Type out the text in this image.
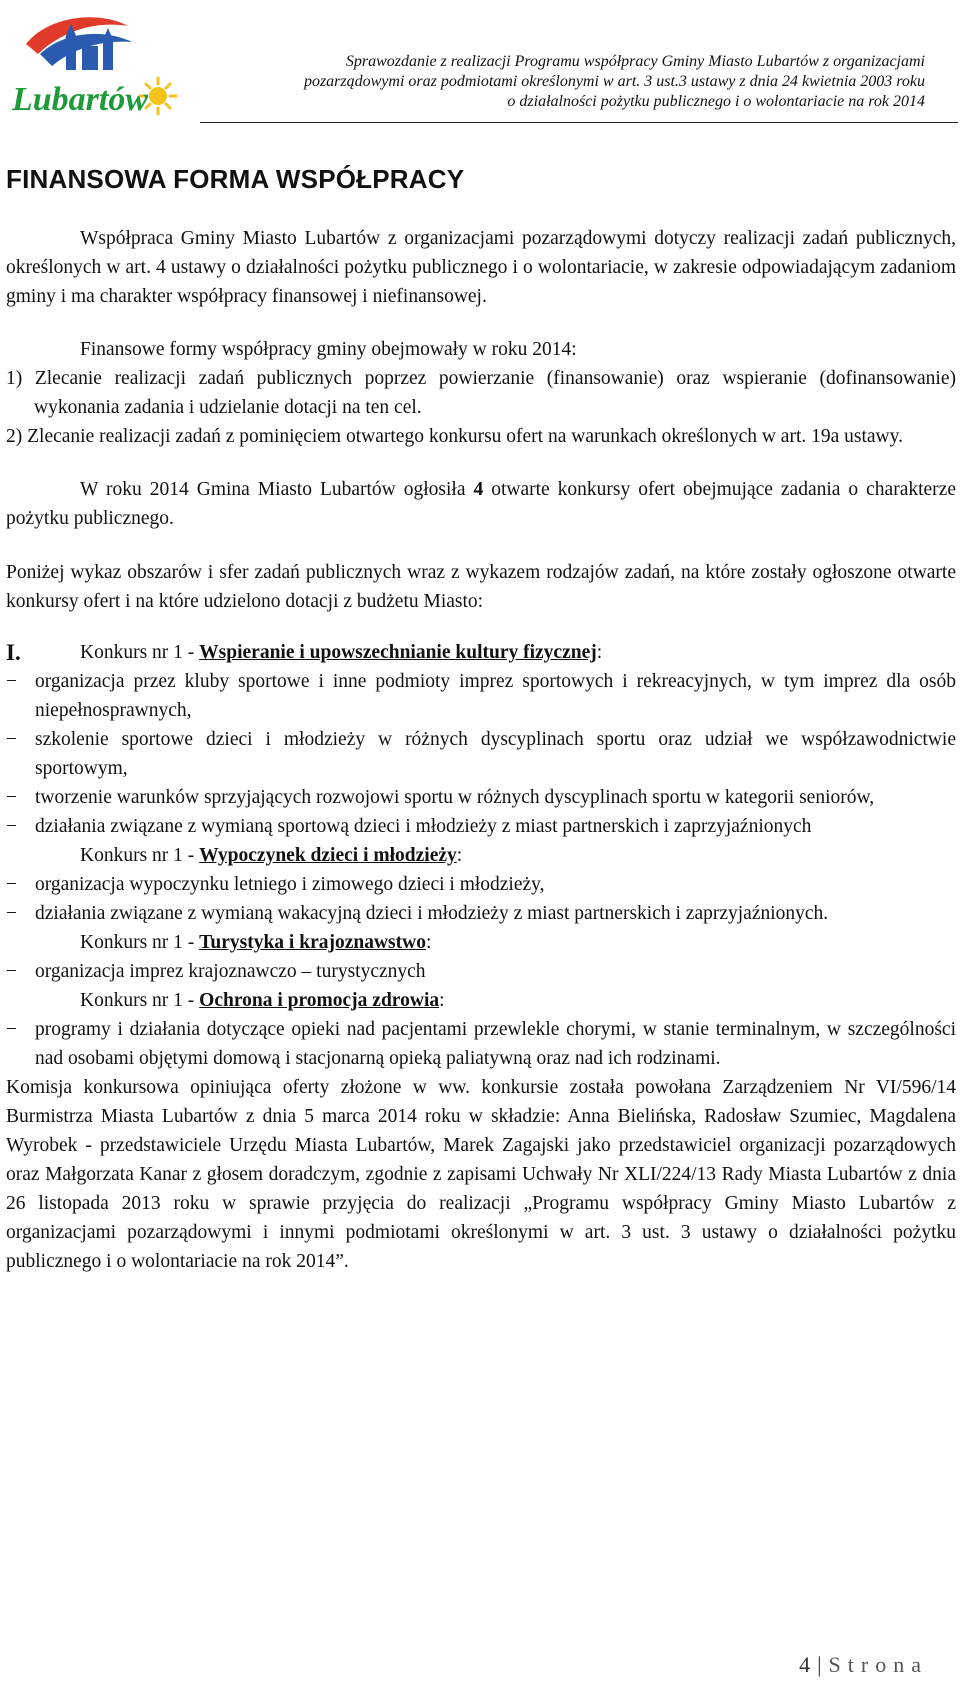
Lubartów
Sprawozdanie z realizacji Programu współpracy Gminy Miasto Lubartów z organizacjami
pozarządowymi oraz podmiotami określonymi w art. 3 ust.3 ustawy z dnia 24 kwietnia 2003 roku
o działalności pożytku publicznego i o wolontariacie na rok 2014
FINANSOWA FORMA WSPÓŁPRACY

Współpraca Gminy Miasto Lubartów z organizacjami pozarządowymi dotyczy realizacji zadań publicznych, określonych w art. 4 ustawy o działalności pożytku publicznego i o wolontariacie, w zakresie odpowiadającym zadaniom gminy i ma charakter współpracy finansowej i niefinansowej.

Finansowe formy współpracy gminy obejmowały w roku 2014:

1) Zlecanie realizacji zadań publicznych poprzez powierzanie (finansowanie) oraz wspieranie (dofinansowanie) wykonania zadania i udzielanie dotacji na ten cel.

2) Zlecanie realizacji zadań z pominięciem otwartego konkursu ofert na warunkach określonych w art. 19a ustawy.

W roku 2014 Gmina Miasto Lubartów ogłosiła 4 otwarte konkursy ofert obejmujące zadania o charakterze pożytku publicznego.

Poniżej wykaz obszarów i sfer zadań publicznych wraz z wykazem rodzajów zadań, na które zostały ogłoszone otwarte konkursy ofert i na które udzielono dotacji z budżetu Miasto:

I.	Konkurs nr 1 - Wspieranie i upowszechnianie kultury fizycznej:
− organizacja przez kluby sportowe i inne podmioty imprez sportowych i rekreacyjnych, w tym imprez dla osób niepełnosprawnych,
− szkolenie sportowe dzieci i młodzieży w różnych dyscyplinach sportu oraz udział we współzawodnictwie sportowym,
− tworzenie warunków sprzyjających rozwojowi sportu w różnych dyscyplinach sportu w kategorii seniorów,
− działania związane z wymianą sportową dzieci i młodzieży z miast partnerskich i zaprzyjaźnionych
Konkurs nr 1 - Wypoczynek dzieci i młodzieży:
− organizacja wypoczynku letniego i zimowego dzieci i młodzieży,
− działania związane z wymianą wakacyjną dzieci i młodzieży z miast partnerskich i zaprzyjaźnionych.
Konkurs nr 1 - Turystyka i krajoznawstwo:
− organizacja imprez krajoznawczo – turystycznych
Konkurs nr 1 - Ochrona i promocja zdrowia:
− programy i działania dotyczące opieki nad pacjentami przewlekle chorymi, w stanie terminalnym, w szczególności nad osobami objętymi domową i stacjonarną opieką paliatywną oraz nad ich rodzinami.

Komisja konkursowa opiniująca oferty złożone w ww. konkursie została powołana Zarządzeniem Nr VI/596/14 Burmistrza Miasta Lubartów z dnia 5 marca 2014 roku w składzie: Anna Bielińska, Radosław Szumiec, Magdalena Wyrobek - przedstawiciele Urzędu Miasta Lubartów, Marek Zagajski jako przedstawiciel organizacji pozarządowych oraz Małgorzata Kanar z głosem doradczym, zgodnie z zapisami Uchwały Nr XLI/224/13 Rady Miasta Lubartów z dnia 26 listopada 2013 roku w sprawie przyjęcia do realizacji „Programu współpracy Gminy Miasto Lubartów z organizacjami pozarządowymi i innymi podmiotami określonymi w art. 3 ust. 3 ustawy o działalności pożytku publicznego i o wolontariacie na rok 2014”.

4 | Strona
